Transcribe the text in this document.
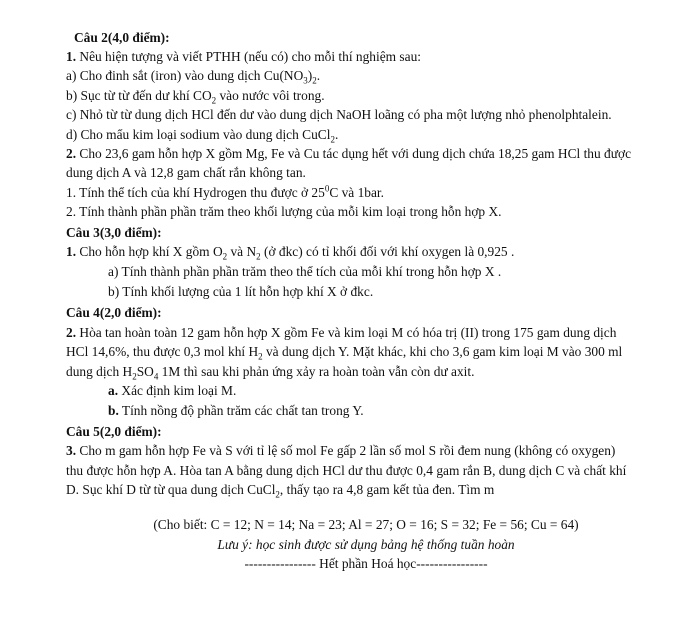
Câu 2(4,0 điểm):
1. Nêu hiện tượng và viết PTHH (nếu có) cho mỗi thí nghiệm sau:
a) Cho đinh sắt (iron) vào dung dịch $Cu(NO_3)_2$.
b) Sục từ từ đến dư khí $CO_2$ vào nước vôi trong.
c) Nhỏ từ từ dung dịch HCl đến dư vào dung dịch NaOH loãng có pha một lượng nhỏ phenolphtalein.
d) Cho mẩu kim loại sodium vào dung dịch CuCl$_2$.
2. Cho 23,6 gam hỗn hợp X gồm Mg, Fe và Cu tác dụng hết với dung dịch chứa 18,25 gam HCl thu được
dung dịch A và 12,8 gam chất rắn không tan.
1. Tính thể tích của khí Hydrogen thu được ở $25^0C$ và 1bar.
2. Tính thành phần phần trăm theo khối lượng của mỗi kim loại trong hỗn hợp X.
Câu 3(3,0 điểm):
1. Cho hỗn hợp khí X gồm $O_2$ và $N_2$ (ở đkc) có tỉ khối đối với khí oxygen là 0,925 .
a) Tính thành phần phần trăm theo thể tích của mỗi khí trong hỗn hợp X .
b) Tính khối lượng của 1 lít hỗn hợp khí X ở đkc.
Câu 4(2,0 điểm):
2. Hòa tan hoàn toàn 12 gam hỗn hợp X gồm Fe và kim loại M có hóa trị (II) trong 175 gam dung dịch
HCl 14,6%, thu được 0,3 mol khí $H_2$ và dung dịch Y. Mặt khác, khi cho 3,6 gam kim loại M vào 300 ml
dung dịch $H_2SO_4$ 1M thì sau khi phản ứng xảy ra hoàn toàn vẫn còn dư axit.
a. Xác định kim loại M.
b. Tính nồng độ phần trăm các chất tan trong Y.
Câu 5(2,0 điểm):
3. Cho m gam hỗn hợp Fe và S với tỉ lệ số mol Fe gấp 2 lần số mol S rồi đem nung (không có oxygen)
thu được hỗn hợp A. Hòa tan A bằng dung dịch HCl dư thu được 0,4 gam rắn B, dung dịch C và chất khí
D. Sục khí D từ từ qua dung dịch CuCl$_2$, thấy tạo ra 4,8 gam kết tủa đen. Tìm m
(Cho biết: C = 12; N = 14; Na = 23; Al = 27; O = 16; S = 32; Fe = 56; Cu = 64)
Lưu ý: học sinh được sử dụng bảng hệ thống tuần hoàn
---------------- Hết phần Hoá học----------------
